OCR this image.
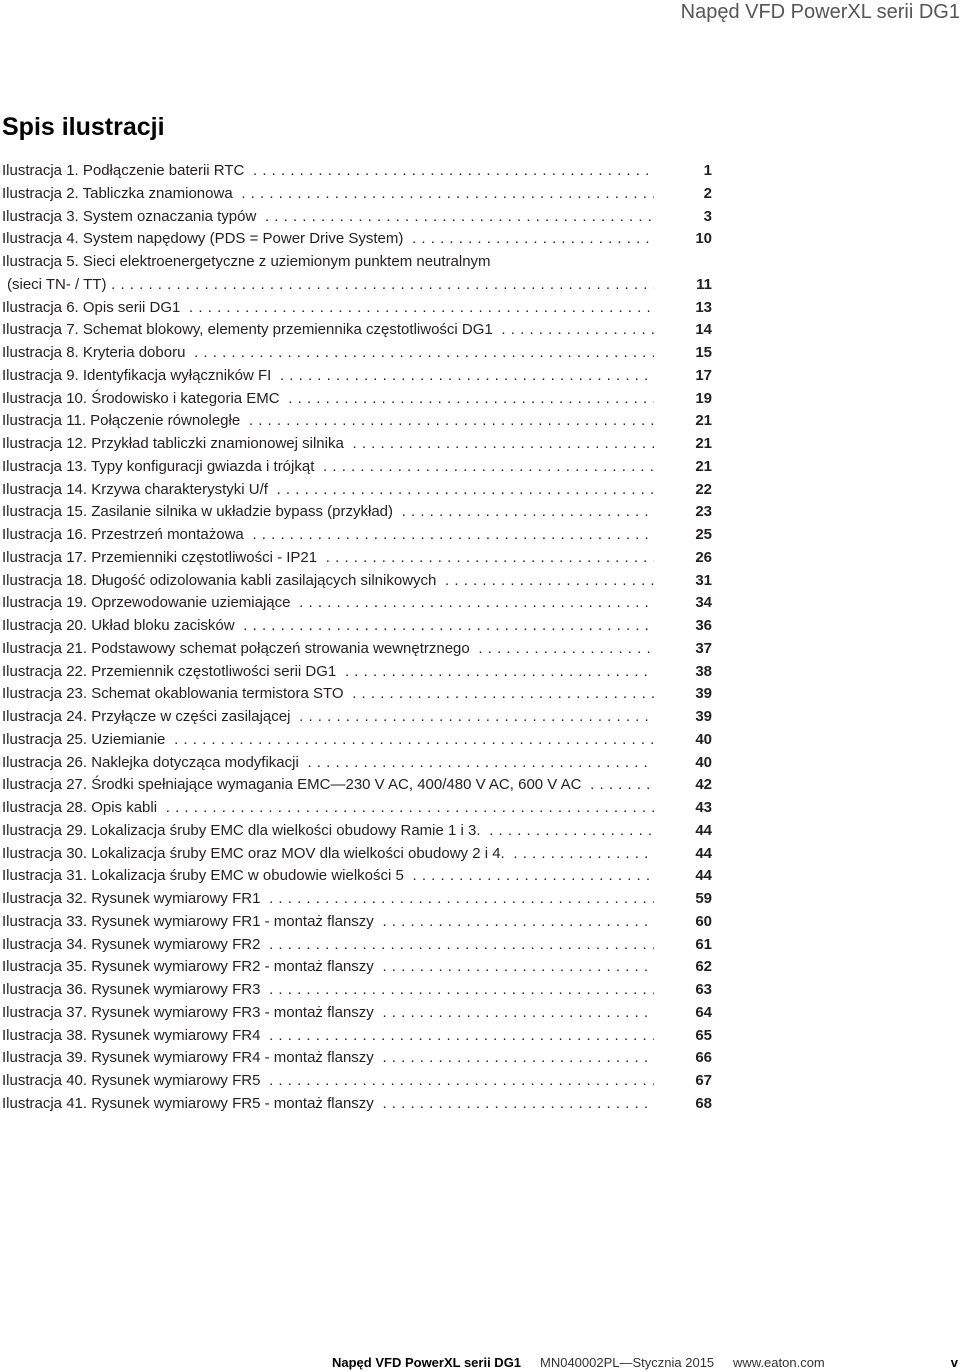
Napęd VFD PowerXL serii DG1
Spis ilustracji
Ilustracja 1. Podłączenie baterii RTC . . .	1
Ilustracja 2. Tabliczka znamionowa . . .	2
Ilustracja 3. System oznaczania typów . . .	3
Ilustracja 4. System napędowy (PDS = Power Drive System) . . .	10
Ilustracja 5. Sieci elektroenergetyczne z uziemionym punktem neutralnym
(sieci TN- / TT) . . .	11
Ilustracja 6. Opis serii DG1 . . .	13
Ilustracja 7. Schemat blokowy, elementy przemiennika częstotliwości DG1 . . .	14
Ilustracja 8. Kryteria doboru . . .	15
Ilustracja 9. Identyfikacja wyłączników FI . . .	17
Ilustracja 10. Środowisko i kategoria EMC . . .	19
Ilustracja 11. Połączenie równoległe . . .	21
Ilustracja 12. Przykład tabliczki znamionowej silnika . . .	21
Ilustracja 13. Typy konfiguracji gwiazda i trójkąt . . .	21
Ilustracja 14. Krzywa charakterystyki U/f . . .	22
Ilustracja 15. Zasilanie silnika w układzie bypass (przykład) . . .	23
Ilustracja 16. Przestrzeń montażowa . . .	25
Ilustracja 17. Przemienniki częstotliwości - IP21 . . .	26
Ilustracja 18. Długość odizolowania kabli zasilających silnikowych . . .	31
Ilustracja 19. Oprzewodowanie uziemiające . . .	34
Ilustracja 20. Układ bloku zacisków . . .	36
Ilustracja 21. Podstawowy schemat połączeń strowania wewnętrznego . . .	37
Ilustracja 22. Przemiennik częstotliwości serii DG1 . . .	38
Ilustracja 23. Schemat okablowania termistora STO . . .	39
Ilustracja 24. Przyłącze w części zasilającej . . .	39
Ilustracja 25. Uziemianie . . .	40
Ilustracja 26. Naklejka dotycząca modyfikacji . . .	40
Ilustracja 27. Środki spełniające wymagania EMC—230 V AC, 400/480 V AC, 600 V AC . . .	42
Ilustracja 28. Opis kabli . . .	43
Ilustracja 29. Lokalizacja śruby EMC dla wielkości obudowy Ramie 1 i 3. . . .	44
Ilustracja 30. Lokalizacja śruby EMC oraz MOV dla wielkości obudowy 2 i 4. . . .	44
Ilustracja 31. Lokalizacja śruby EMC w obudowie wielkości 5 . . .	44
Ilustracja 32. Rysunek wymiarowy FR1 . . .	59
Ilustracja 33. Rysunek wymiarowy FR1 - montaż flanszy . . .	60
Ilustracja 34. Rysunek wymiarowy FR2 . . .	61
Ilustracja 35. Rysunek wymiarowy FR2 - montaż flanszy . . .	62
Ilustracja 36. Rysunek wymiarowy FR3 . . .	63
Ilustracja 37. Rysunek wymiarowy FR3 - montaż flanszy . . .	64
Ilustracja 38. Rysunek wymiarowy FR4 . . .	65
Ilustracja 39. Rysunek wymiarowy FR4 - montaż flanszy . . .	66
Ilustracja 40. Rysunek wymiarowy FR5 . . .	67
Ilustracja 41. Rysunek wymiarowy FR5 - montaż flanszy . . .	68
Napęd VFD PowerXL serii DG1 MN040002PL—Stycznia 2015 www.eaton.com	v
